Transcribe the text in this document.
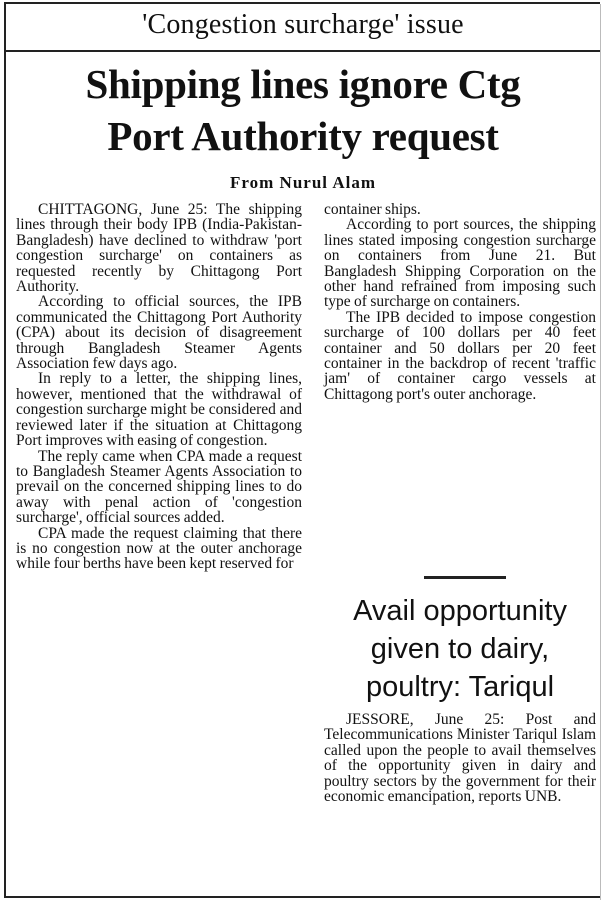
'Congestion surcharge' issue
Shipping lines ignore Ctg
Port Authority request
From Nurul Alam

CHITTAGONG, June 25: The shipping lines through their body IPB (India-Pakistan-Bangladesh) have declined to withdraw 'port congestion surcharge' on containers as requested recently by Chittagong Port Authority.

According to official sources, the IPB communicated the Chittagong Port Authority (CPA) about its decision of disagreement through Bangladesh Steamer Agents Association few days ago.

In reply to a letter, the shipping lines, however, mentioned that the withdrawal of congestion surcharge might be considered and reviewed later if the situation at Chittagong Port improves with easing of congestion.

The reply came when CPA made a request to Bangladesh Steamer Agents Association to prevail on the concerned shipping lines to do away with penal action of 'congestion surcharge', official sources added.

CPA made the request claiming that there is no congestion now at the outer anchorage while four berths have been kept reserved for

container ships.

According to port sources, the shipping lines stated imposing congestion surcharge on containers from June 21. But Bangladesh Shipping Corporation on the other hand refrained from imposing such type of surcharge on containers.

The IPB decided to impose congestion surcharge of 100 dollars per 40 feet container and 50 dollars per 20 feet container in the backdrop of recent 'traffic jam' of container cargo vessels at Chittagong port's outer anchorage.

Avail opportunity given to dairy, poultry: Tariqul

JESSORE, June 25: Post and Telecommunications Minister Tariqul Islam called upon the people to avail themselves of the opportunity given in dairy and poultry sectors by the government for their economic emancipation, reports UNB.
